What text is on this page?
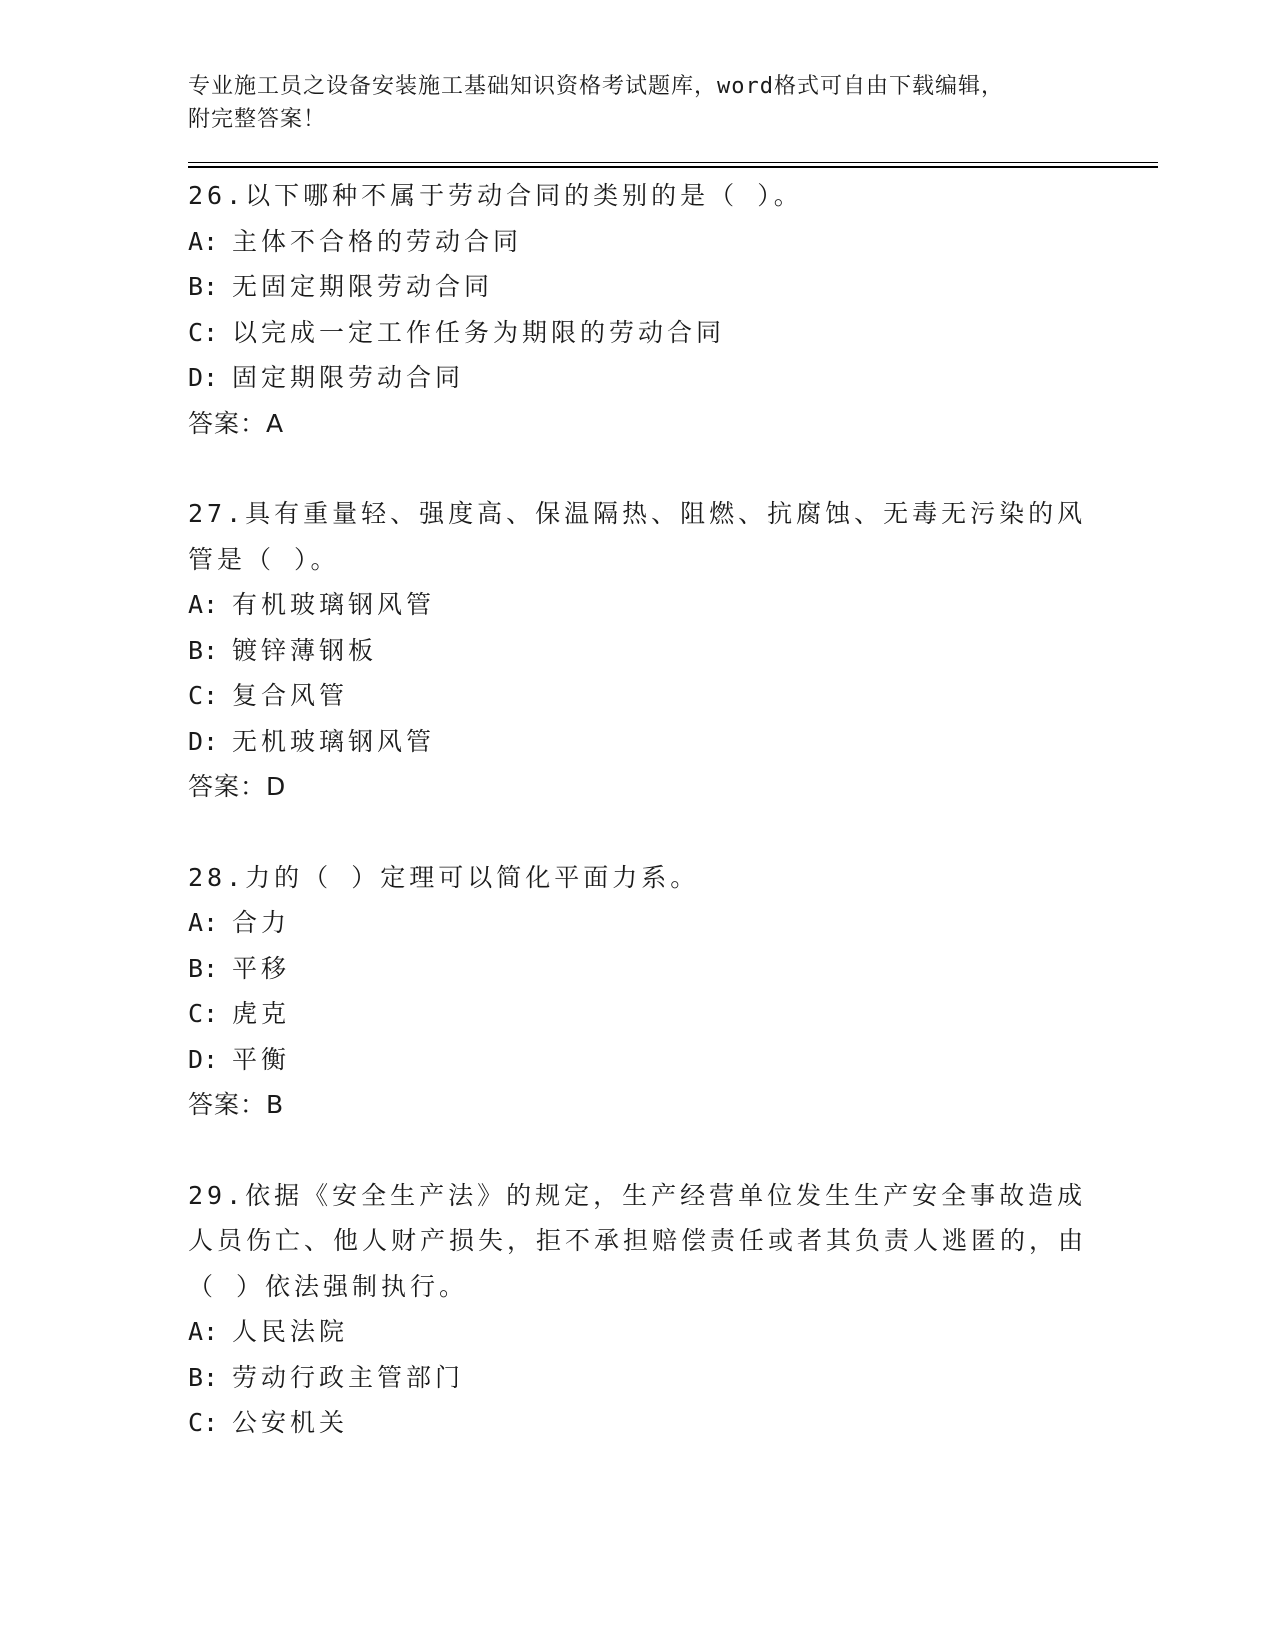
专业施工员之设备安装施工基础知识资格考试题库，word格式可自由下载编辑，
附完整答案！
26.以下哪种不属于劳动合同的类别的是（ ）。
A: 主体不合格的劳动合同
B: 无固定期限劳动合同
C: 以完成一定工作任务为期限的劳动合同
D: 固定期限劳动合同
答案：A
27.具有重量轻、强度高、保温隔热、阻燃、抗腐蚀、无毒无污染的风管是（ ）。
A: 有机玻璃钢风管
B: 镀锌薄钢板
C: 复合风管
D: 无机玻璃钢风管
答案：D
28.力的（ ）定理可以简化平面力系。
A: 合力
B: 平移
C: 虎克
D: 平衡
答案：B
29.依据《安全生产法》的规定，生产经营单位发生生产安全事故造成人员伤亡、他人财产损失，拒不承担赔偿责任或者其负责人逃匿的，由（ ）依法强制执行。
A: 人民法院
B: 劳动行政主管部门
C: 公安机关
